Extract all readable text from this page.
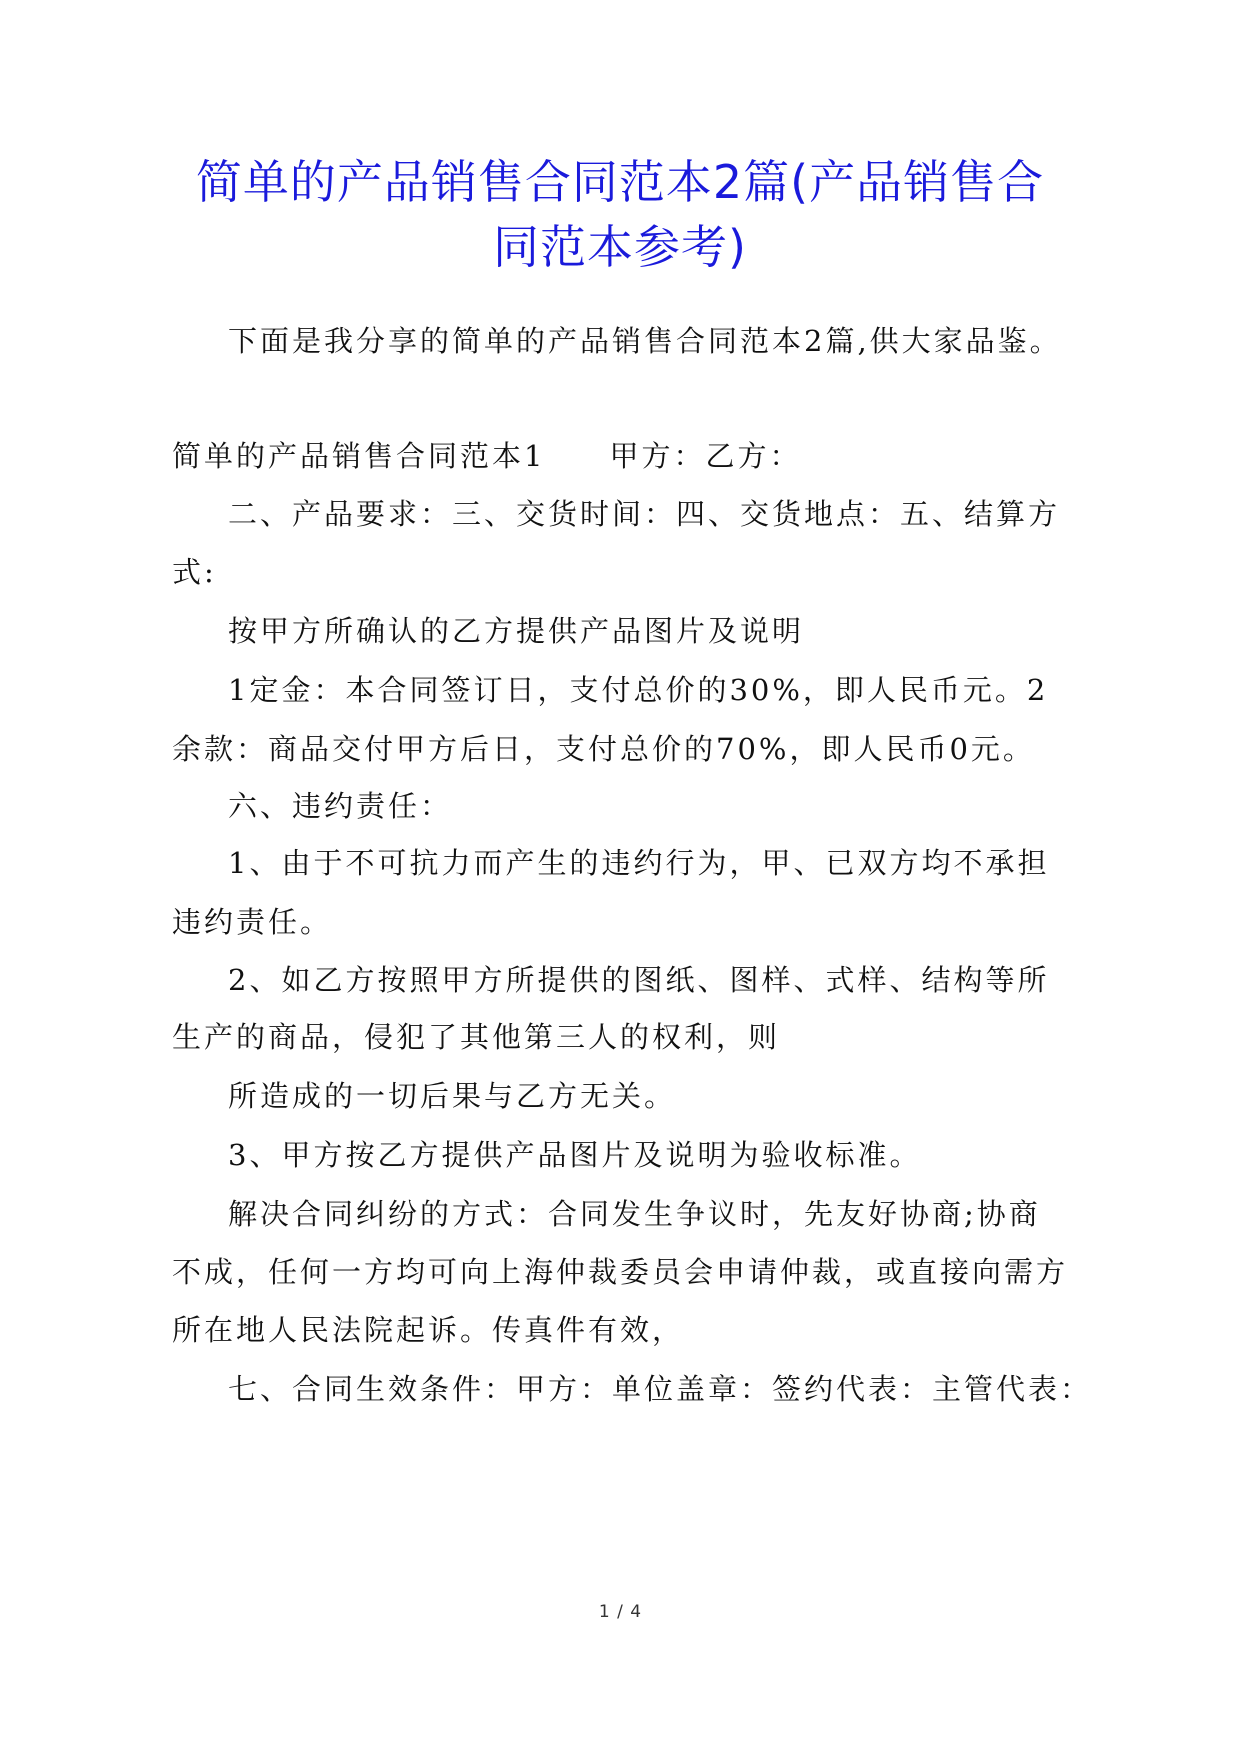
简单的产品销售合同范本2篇(产品销售合
同范本参考)

下面是我分享的简单的产品销售合同范本2篇,供大家品鉴。

简单的产品销售合同范本1　　甲方：乙方：

二、产品要求：三、交货时间：四、交货地点：五、结算方

式:

按甲方所确认的乙方提供产品图片及说明

1定金：本合同签订日，支付总价的30%，即人民币元。2

余款：商品交付甲方后日，支付总价的70%，即人民币0元。

六、违约责任：

1、由于不可抗力而产生的违约行为，甲、已双方均不承担

违约责任。

2、如乙方按照甲方所提供的图纸、图样、式样、结构等所

生产的商品，侵犯了其他第三人的权利，则

所造成的一切后果与乙方无关。

3、甲方按乙方提供产品图片及说明为验收标准。

解决合同纠纷的方式：合同发生争议时，先友好协商;协商

不成，任何一方均可向上海仲裁委员会申请仲裁，或直接向需方

所在地人民法院起诉。传真件有效，

七、合同生效条件：甲方：单位盖章：签约代表：主管代表：

1 / 4
